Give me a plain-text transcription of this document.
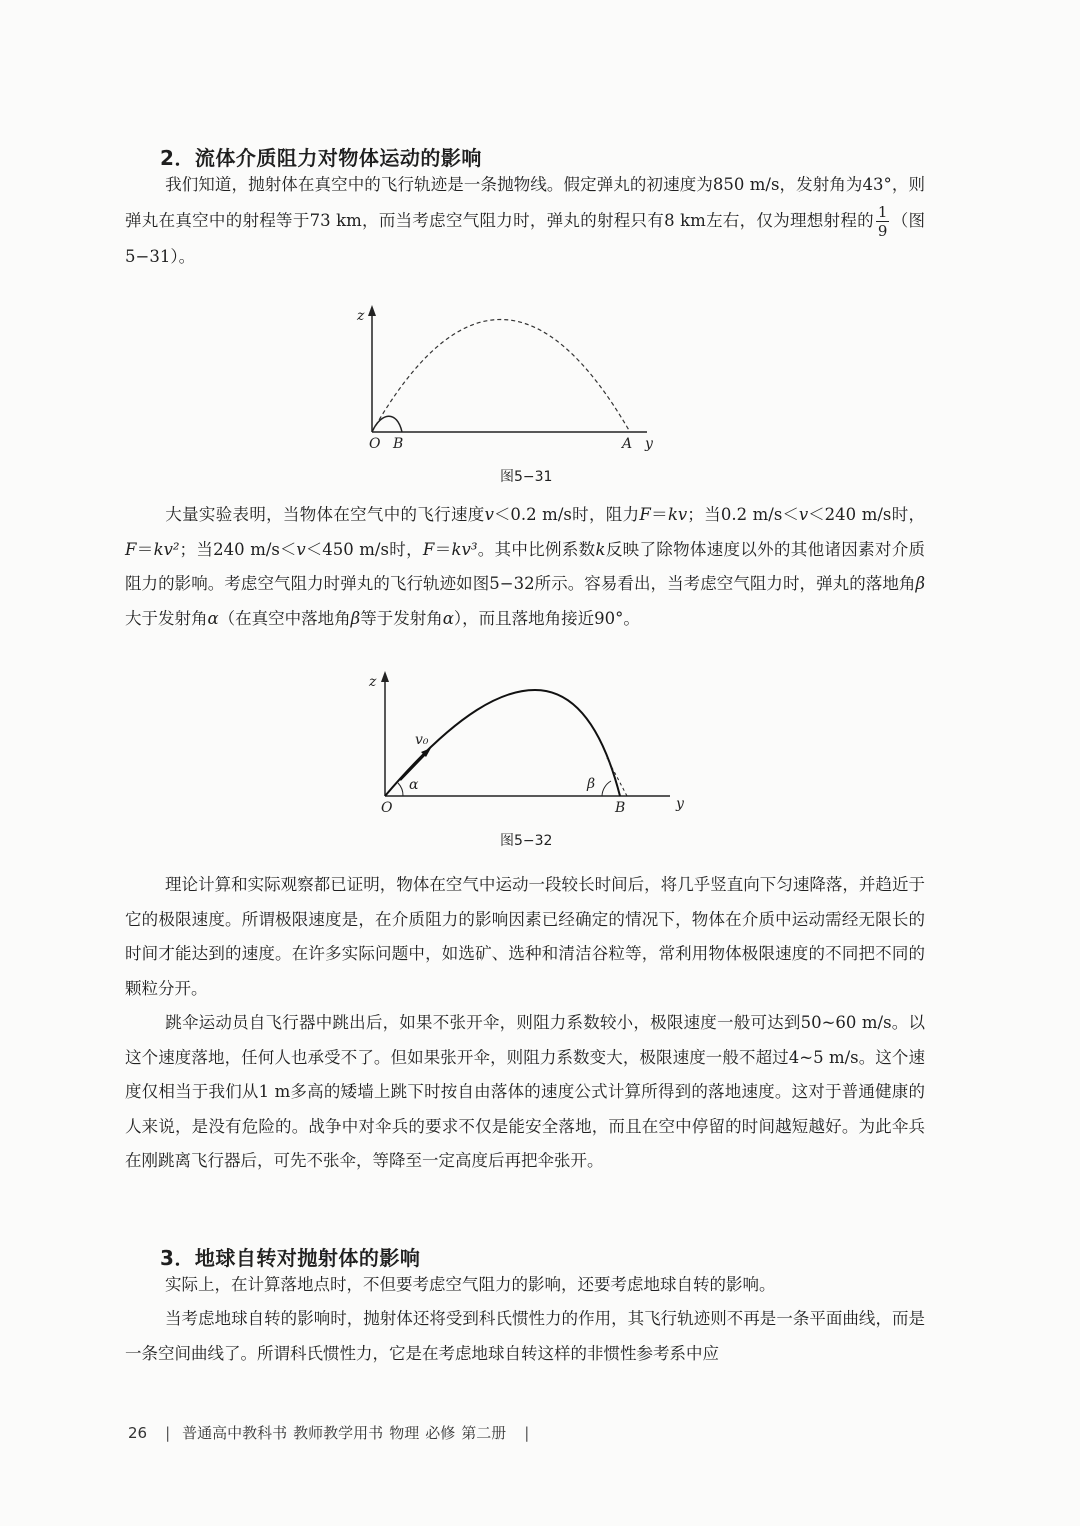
2．流体介质阻力对物体运动的影响

我们知道，抛射体在真空中的飞行轨迹是一条抛物线。假定弹丸的初速度为850 m/s，发射角为43°，则弹丸在真空中的射程等于73 km，而当考虑空气阻力时，弹丸的射程只有8 km左右，仅为理想射程的 $\frac{1}{9}$ （图5−31）。

z
O B	A y
图5−31

大量实验表明，当物体在空气中的飞行速度v＜0.2 m/s时，阻力F＝kv；当0.2 m/s＜v＜240 m/s时，F＝kv²；当240 m/s＜v＜450 m/s时，F＝kv³。其中比例系数k反映了除物体速度以外的其他诸因素对介质阻力的影响。考虑空气阻力时弹丸的飞行轨迹如图5−32所示。容易看出，当考虑空气阻力时，弹丸的落地角β大于发射角α（在真空中落地角β等于发射角α），而且落地角接近90°。

z
O	B	y
v₀
α	β
图5−32

理论计算和实际观察都已证明，物体在空气中运动一段较长时间后，将几乎竖直向下匀速降落，并趋近于它的极限速度。所谓极限速度是，在介质阻力的影响因素已经确定的情况下，物体在介质中运动需经无限长的时间才能达到的速度。在许多实际问题中，如选矿、选种和清洁谷粒等，常利用物体极限速度的不同把不同的颗粒分开。

跳伞运动员自飞行器中跳出后，如果不张开伞，则阻力系数较小，极限速度一般可达到50~60 m/s。以这个速度落地，任何人也承受不了。但如果张开伞，则阻力系数变大，极限速度一般不超过4~5 m/s。这个速度仅相当于我们从1 m多高的矮墙上跳下时按自由落体的速度公式计算所得到的落地速度。这对于普通健康的人来说，是没有危险的。战争中对伞兵的要求不仅是能安全落地，而且在空中停留的时间越短越好。为此伞兵在刚跳离飞行器后，可先不张伞，等降至一定高度后再把伞张开。

3．地球自转对抛射体的影响

实际上，在计算落地点时，不但要考虑空气阻力的影响，还要考虑地球自转的影响。

当考虑地球自转的影响时，抛射体还将受到科氏惯性力的作用，其飞行轨迹则不再是一条平面曲线，而是一条空间曲线了。所谓科氏惯性力，它是在考虑地球自转这样的非惯性参考系中应

26 | 普通高中教科书 教师教学用书 物理 必修 第二册 |
